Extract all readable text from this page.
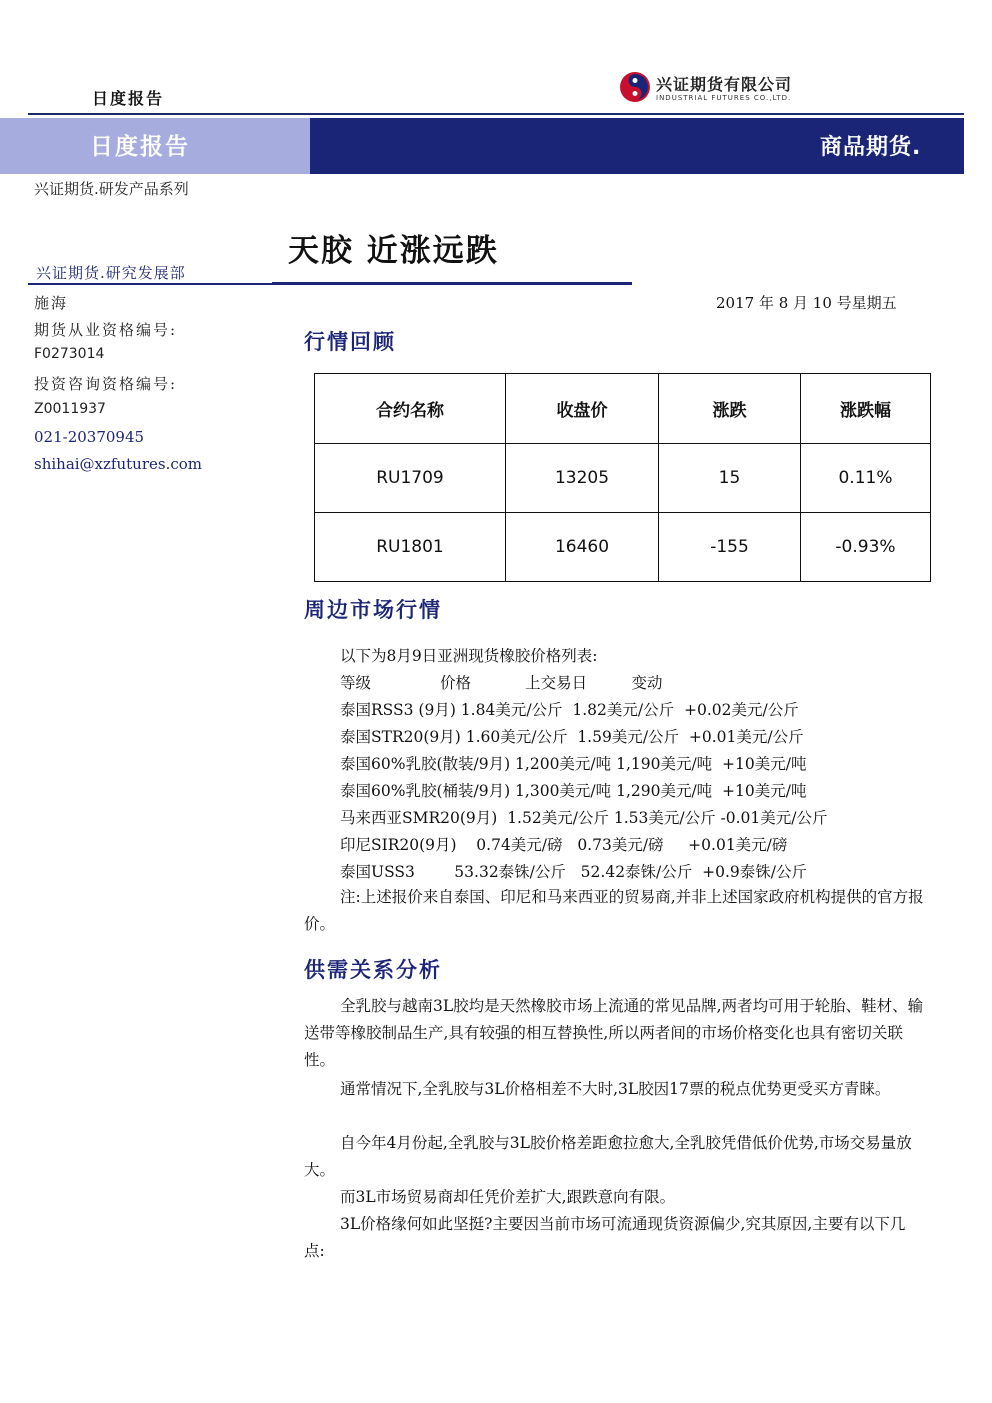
日度报告
兴证期货有限公司
INDUSTRIAL FUTURES CO.,LTD.
日度报告	商品期货.
兴证期货.研发产品系列
天胶 近涨远跌
兴证期货.研究发展部
施海
期货从业资格编号:
F0273014
投资咨询资格编号:
Z0011937
021-20370945
shihai@xzfutures.com
2017 年 8 月 10 号星期五
行情回顾
合约名称	收盘价	涨跌	涨跌幅
RU1709	13205	15	0.11%
RU1801	16460	-155	-0.93%
周边市场行情
以下为8月9日亚洲现货橡胶价格列表:
等级              价格           上交易日         变动
泰国RSS3 (9月) 1.84美元/公斤  1.82美元/公斤  +0.02美元/公斤
泰国STR20(9月) 1.60美元/公斤  1.59美元/公斤  +0.01美元/公斤
泰国60%乳胶(散装/9月) 1,200美元/吨 1,190美元/吨  +10美元/吨
泰国60%乳胶(桶装/9月) 1,300美元/吨 1,290美元/吨  +10美元/吨
马来西亚SMR20(9月)  1.52美元/公斤 1.53美元/公斤 -0.01美元/公斤
印尼SIR20(9月)    0.74美元/磅   0.73美元/磅     +0.01美元/磅
泰国USS3        53.32泰铢/公斤   52.42泰铢/公斤  +0.9泰铢/公斤
注:上述报价来自泰国、印尼和马来西亚的贸易商,并非上述国家政府机构提供的官方报价。
供需关系分析
全乳胶与越南3L胶均是天然橡胶市场上流通的常见品牌,两者均可用于轮胎、鞋材、输送带等橡胶制品生产,具有较强的相互替换性,所以两者间的市场价格变化也具有密切关联性。
通常情况下,全乳胶与3L价格相差不大时,3L胶因17票的税点优势更受买方青睐。
自今年4月份起,全乳胶与3L胶价格差距愈拉愈大,全乳胶凭借低价优势,市场交易量放大。
而3L市场贸易商却任凭价差扩大,跟跌意向有限。
3L价格缘何如此坚挺?主要因当前市场可流通现货资源偏少,究其原因,主要有以下几点:
